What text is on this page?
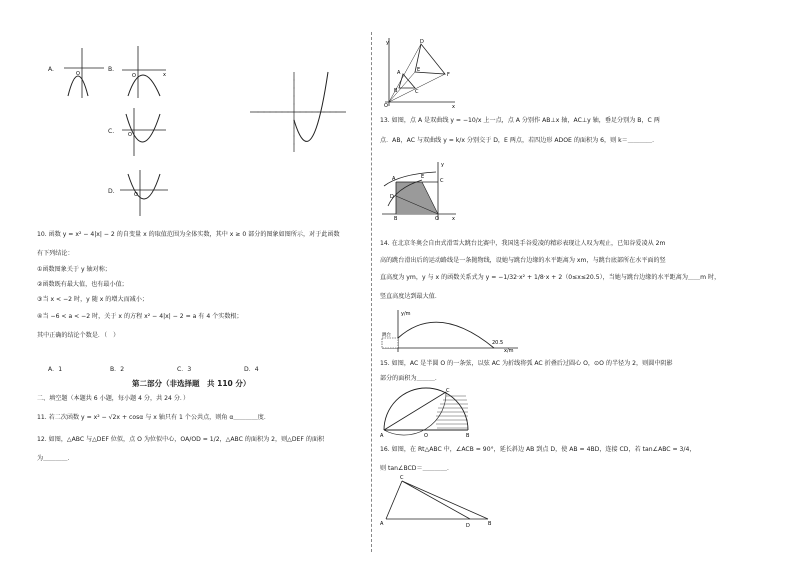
A.
O
B.
O	x
C.	O
D.	O
10. 函数 y = x² − 4|x| − 2 的自变量 x 的取值范围为全体实数，其中 x ≥ 0 部分的图象如图所示，对于此函数
有下列结论：
①函数图象关于 y 轴对称；
②函数既有最大值，也有最小值；
③当 x < −2 时，y 随 x 的增大而减小；
④当 −6 < a < −2 时，关于 x 的方程 x² − 4|x| − 2 = a 有 4 个实数根；
其中正确的结论个数是．（　）
A．1	B．2	C．3	D．4
第二部分（非选择题　共 110 分）
二、填空题（本题共 6 小题，每小题 4 分，共 24 分．）
11. 若二次函数 y = x² − √2x + cosα 与 x 轴只有 1 个公共点，则角 α＿＿＿＿度．
12. 如图，△ABC 与△DEF 位似，点 O 为位似中心，OA/OD = 1/2，△ABC 的面积为 2，则△DEF 的面积
为＿＿＿＿．
y	D
A
B	C
E
F
O	x
13. 如图，点 A 是双曲线 y = −10/x 上一点，点 A 分别作 AB⊥x 轴，AC⊥y 轴，垂足分别为 B，C 两
点．AB，AC 与双曲线 y = k/x 分别交于 D，E 两点，若四边形 ADOE 的面积为 6，则 k＝＿＿＿＿．
C
E
A
D
B	O	x
y
14. 在北京冬奥会自由式滑雪大跳台比赛中，我国选手谷爱凌的精彩表现让人叹为观止，已知谷爱凌从 2m
高的跳台滑出后的运动路线是一条抛物线，设她与跳台边缘的水平距离为 xm，与跳台底部所在水平面的竖
直高度为 ym，y 与 x 的函数关系式为 y = −1/32·x² + 1/8·x + 2（0≤x≤20.5），当她与跳台边缘的水平距离为＿＿m 时，
竖直高度达到最大值．
y/m
x/m
20.5
跳台
15. 如图，AC 是半圆 O 的一条弦，以弦 AC 为折线将弧 AC 折叠后过圆心 O，⊙O 的半径为 2，则圆中阴影
部分的面积为＿＿＿．
C
A	O	B
16. 如图，在 Rt△ABC 中，∠ACB = 90°，延长斜边 AB 到点 D，使 AB = 4BD，连接 CD，若 tan∠ABC = 3/4，
则 tan∠BCD＝＿＿＿＿．
C
A	D	B
